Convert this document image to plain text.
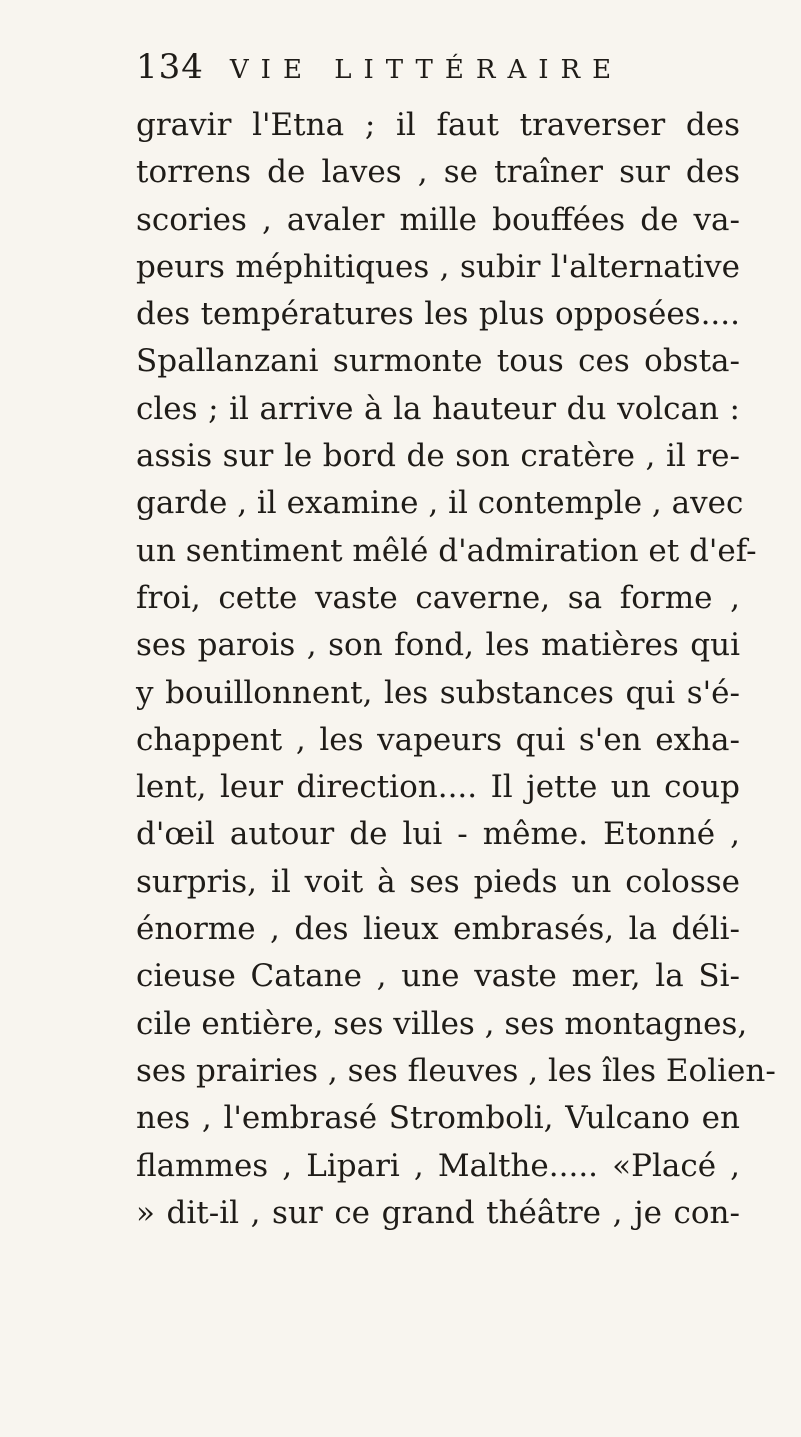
134 VIE LITTÉRAIRE
gravir l'Etna ; il faut traverser des
torrens de laves , se traîner sur des
scories , avaler mille bouffées de va-
peurs méphitiques , subir l'alternative
des températures les plus opposées....
Spallanzani surmonte tous ces obsta-
cles ; il arrive à la hauteur du volcan :
assis sur le bord de son cratère , il re-
garde , il examine , il contemple , avec
un sentiment mêlé d'admiration et d'ef-
froi, cette vaste caverne, sa forme ,
ses parois , son fond, les matières qui
y bouillonnent, les substances qui s'é-
chappent , les vapeurs qui s'en exha-
lent, leur direction.... Il jette un coup
d'œil autour de lui - même. Etonné ,
surpris, il voit à ses pieds un colosse
énorme , des lieux embrasés, la déli-
cieuse Catane , une vaste mer, la Si-
cile entière, ses villes , ses montagnes,
ses prairies , ses fleuves , les îles Eolien-
nes , l'embrasé Stromboli, Vulcano en
flammes , Lipari , Malthe..... «Placé ,
» dit-il , sur ce grand théâtre , je con-
